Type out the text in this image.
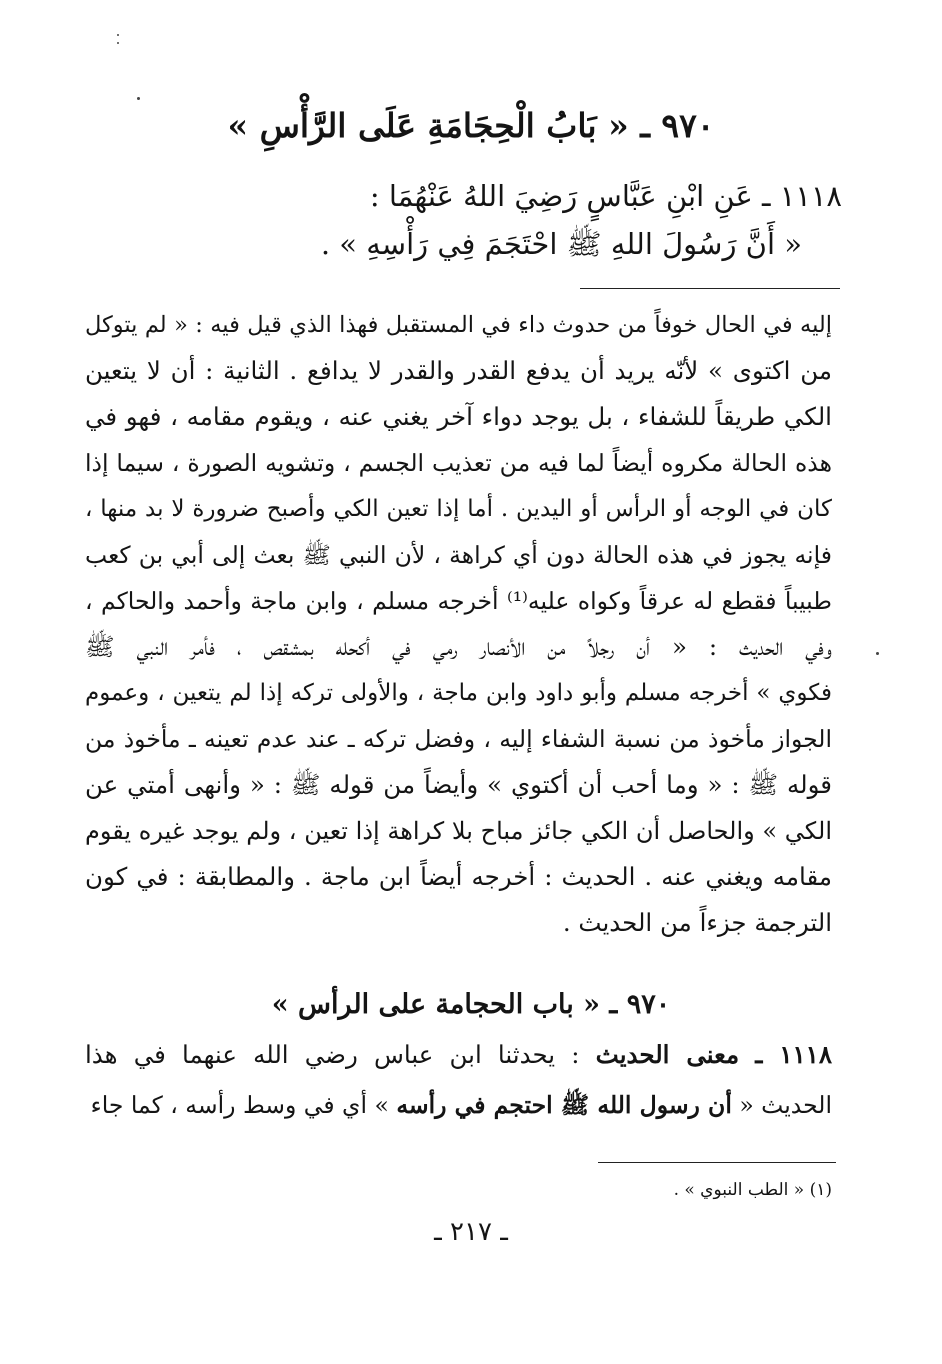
٩٧٠ ـ « بَابُ الْحِجَامَةِ عَلَى الرَّأْسِ »
١١١٨ ـ عَنِ ابْنِ عَبَّاسٍ رَضِيَ اللهُ عَنْهُمَا :
« أَنَّ رَسُولَ اللهِ ﷺ احْتَجَمَ فِي رَأْسِهِ » .
إليه في الحال خوفاً من حدوث داء في المستقبل فهذا الذي قيل فيه : « لم يتوكل
من اكتوى » لأنّه يريد أن يدفع القدر والقدر لا يدافع . الثانية : أن لا يتعين
الكي طريقاً للشفاء ، بل يوجد دواء آخر يغني عنه ، ويقوم مقامه ، فهو في
هذه الحالة مكروه أيضاً لما فيه من تعذيب الجسم ، وتشويه الصورة ، سيما إذا
كان في الوجه أو الرأس أو اليدين . أما إذا تعين الكي وأصبح ضرورة لا بد منها ،
فإنه يجوز في هذه الحالة دون أي كراهة ، لأن النبي ﷺ بعث إلى أبي بن كعب
طبيباً فقطع له عرقاً وكواه عليه⁽¹⁾ أخرجه مسلم ، وابن ماجة وأحمد والحاكم ،
وفي الحديث : « أن رجلاً من الأنصار رمي في أكحله بمشقص ، فأمر النبي ﷺ
فكوي » أخرجه مسلم وأبو داود وابن ماجة ، والأولى تركه إذا لم يتعين ، وعموم
الجواز مأخوذ من نسبة الشفاء إليه ، وفضل تركه ـ عند عدم تعينه ـ مأخوذ من
قوله ﷺ : « وما أحب أن أكتوي » وأيضاً من قوله ﷺ : « وأنهى أمتي عن
الكي » والحاصل أن الكي جائز مباح بلا كراهة إذا تعين ، ولم يوجد غيره يقوم
مقامه ويغني عنه . الحديث : أخرجه أيضاً ابن ماجة . والمطابقة : في كون
الترجمة جزءاً من الحديث .
٩٧٠ ـ « باب الحجامة على الرأس »
١١١٨ ـ معنى الحديث : يحدثنا ابن عباس رضي الله عنهما في هذا
الحديث « أن رسول الله ﷺ احتجم في رأسه » أي في وسط رأسه ، كما جاء
(١) « الطب النبوي » .
ـ ٢١٧ ـ
